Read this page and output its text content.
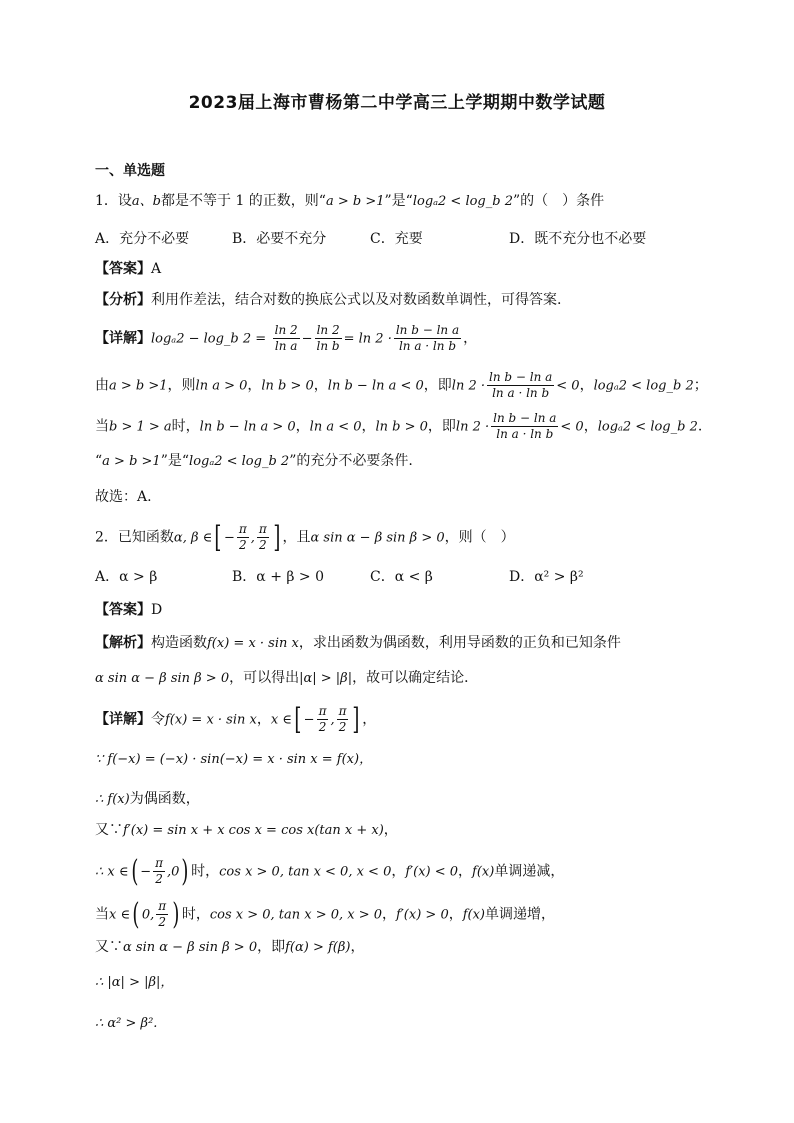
2023届上海市曹杨第二中学高三上学期期中数学试题
一、单选题
1．设a、b都是不等于 1 的正数，则“a > b >1”是“logₐ2 < log_b 2”的（　）条件
A．充分不必要	B．必要不充分	C．充要	D．既不充分也不必要
【答案】A
【分析】利用作差法，结合对数的换底公式以及对数函数单调性，可得答案.
【详解】logₐ2 − log_b $2 = \frac{\ln 2}{\text{ln a}} - \frac{\ln 2}{\text{ln b}} = \ln 2 \cdot \frac{\text{ln b − ln a}}{\text{ln a · ln b}}$ ，
由a > b >1，则ln a > 0，ln b > 0，ln b − ln a < 0，即$\ln 2 \cdot \frac{\text{ln b − ln a}}{\text{ln a · ln b}} < 0$，logₐ2 < log_b 2；
当b > 1 > a时，ln b − ln a > 0，ln a < 0，ln b > 0，即$\ln 2 \cdot \frac{\text{ln b − ln a}}{\text{ln a · ln b}} < 0$，logₐ2 < log_b 2.
“a > b >1”是“logₐ2 < log_b 2”的充分不必要条件.
故选：A.
2．已知函数α, β ∈[ − $\frac{\pi}{2}$ , $\frac{\pi}{2}$ ] ，且α sin α − β sin β > 0，则（　）
A．α > β	B．α + β > 0	C．α < β	D．α² > β²
【答案】D
【解析】构造函数f(x) = x · sin x，求出函数为偶函数，利用导函数的正负和已知条件
α sin α − β sin β > 0，可以得出|α| > |β|，故可以确定结论．
【详解】令f(x) = x · sin x，x ∈[ − $\frac{\pi}{2}$ , $\frac{\pi}{2}$ ] ，
∵ f(−x) = (−x) · sin(−x) = x · sin x = f(x)，
∴ f(x)为偶函数，
又∵f′(x) = sin x + x cos x = cos x(tan x + x)，
∴ x ∈( − $\frac{\pi}{2} ,0$) 时，cos x > 0, tan x < 0, x < 0，f′(x) < 0，f(x)单调递减，
当x ∈( 0, $\frac{\pi}{2}$ ) 时，cos x > 0, tan x > 0, x > 0，f′(x) > 0，f(x)单调递增，
又∵α sin α − β sin β > 0，即f(α) > f(β)，
∴ |α| > |β|，
∴ α² > β².
